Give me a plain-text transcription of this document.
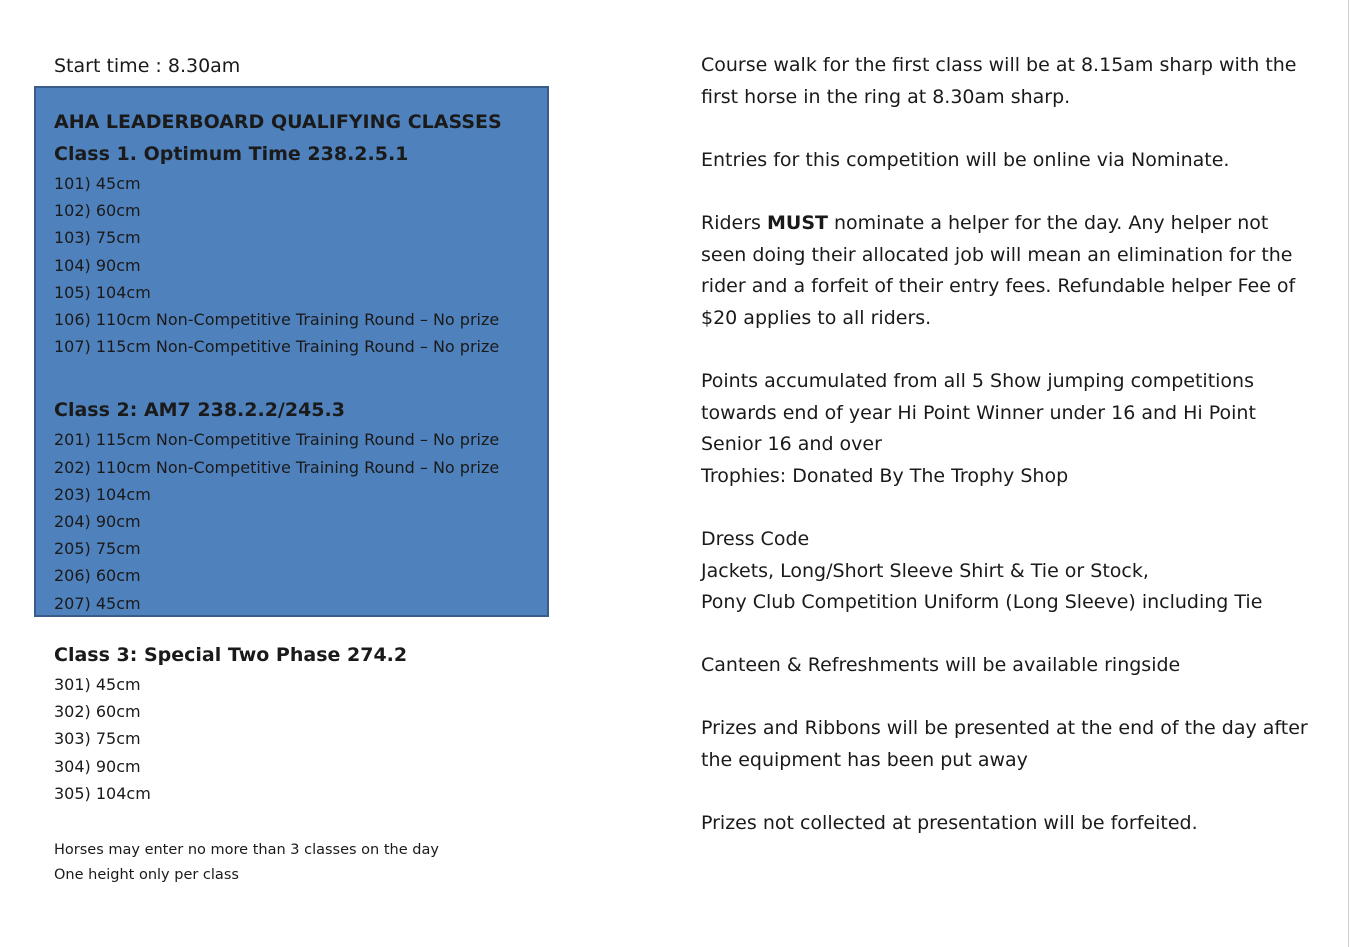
Start time : 8.30am

AHA LEADERBOARD QUALIFYING CLASSES

Class 1. Optimum Time 238.2.5.1

101) 45cm
102) 60cm
103) 75cm
104) 90cm
105) 104cm
106) 110cm Non-Competitive Training Round – No prize
107) 115cm Non-Competitive Training Round – No prize

Class 2: AM7 238.2.2/245.3

201) 115cm Non-Competitive Training Round – No prize
202) 110cm Non-Competitive Training Round – No prize
203) 104cm
204) 90cm
205) 75cm
206) 60cm
207) 45cm

Class 3: Special Two Phase 274.2

301) 45cm
302) 60cm
303) 75cm
304) 90cm
305) 104cm

Horses may enter no more than 3 classes on the day

One height only per class

Course walk for the first class will be at 8.15am sharp with the
first horse in the ring at 8.30am sharp.

Entries for this competition will be online via Nominate.

Riders MUST nominate a helper for the day. Any helper not
seen doing their allocated job will mean an elimination for the
rider and a forfeit of their entry fees. Refundable helper Fee of
$20 applies to all riders.

Points accumulated from all 5 Show jumping competitions
towards end of year Hi Point Winner under 16 and Hi Point
Senior 16 and over
Trophies: Donated By The Trophy Shop

Dress Code
Jackets, Long/Short Sleeve Shirt & Tie or Stock,
Pony Club Competition Uniform (Long Sleeve) including Tie

Canteen & Refreshments will be available ringside

Prizes and Ribbons will be presented at the end of the day after
the equipment has been put away

Prizes not collected at presentation will be forfeited.
